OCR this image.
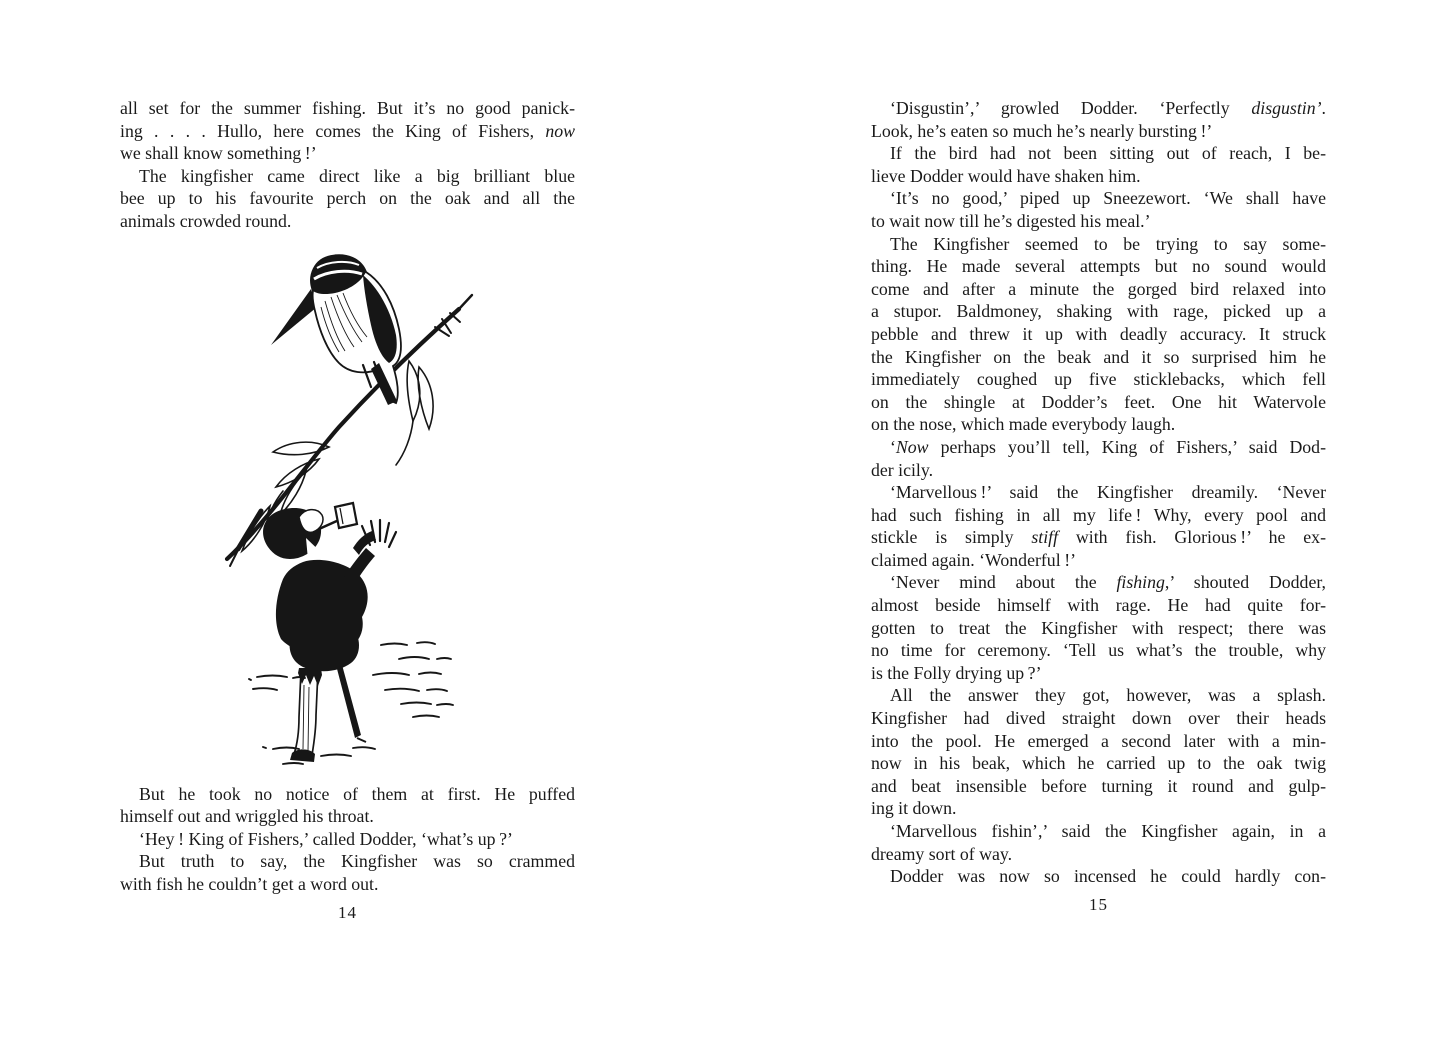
all set for the summer fishing. But it’s no good panick-
ing . . . . Hullo, here comes the King of Fishers, now
we shall know something !’
The kingfisher came direct like a big brilliant blue
bee up to his favourite perch on the oak and all the
animals crowded round.
But he took no notice of them at first. He puffed
himself out and wriggled his throat.
‘Hey ! King of Fishers,’ called Dodder, ‘what’s up ?’
But truth to say, the Kingfisher was so crammed
with fish he couldn’t get a word out.
14
‘Disgustin’,’ growled Dodder. ‘Perfectly disgustin’.
Look, he’s eaten so much he’s nearly bursting !’
If the bird had not been sitting out of reach, I be-
lieve Dodder would have shaken him.
‘It’s no good,’ piped up Sneezewort. ‘We shall have
to wait now till he’s digested his meal.’
The Kingfisher seemed to be trying to say some-
thing. He made several attempts but no sound would
come and after a minute the gorged bird relaxed into
a stupor. Baldmoney, shaking with rage, picked up a
pebble and threw it up with deadly accuracy. It struck
the Kingfisher on the beak and it so surprised him he
immediately coughed up five sticklebacks, which fell
on the shingle at Dodder’s feet. One hit Watervole
on the nose, which made everybody laugh.
‘Now perhaps you’ll tell, King of Fishers,’ said Dod-
der icily.
‘Marvellous !’ said the Kingfisher dreamily. ‘Never
had such fishing in all my life ! Why, every pool and
stickle is simply stiff with fish. Glorious !’ he ex-
claimed again. ‘Wonderful !’
‘Never mind about the fishing,’ shouted Dodder,
almost beside himself with rage. He had quite for-
gotten to treat the Kingfisher with respect; there was
no time for ceremony. ‘Tell us what’s the trouble, why
is the Folly drying up ?’
All the answer they got, however, was a splash.
Kingfisher had dived straight down over their heads
into the pool. He emerged a second later with a min-
now in his beak, which he carried up to the oak twig
and beat insensible before turning it round and gulp-
ing it down.
‘Marvellous fishin’,’ said the Kingfisher again, in a
dreamy sort of way.
Dodder was now so incensed he could hardly con-
15
